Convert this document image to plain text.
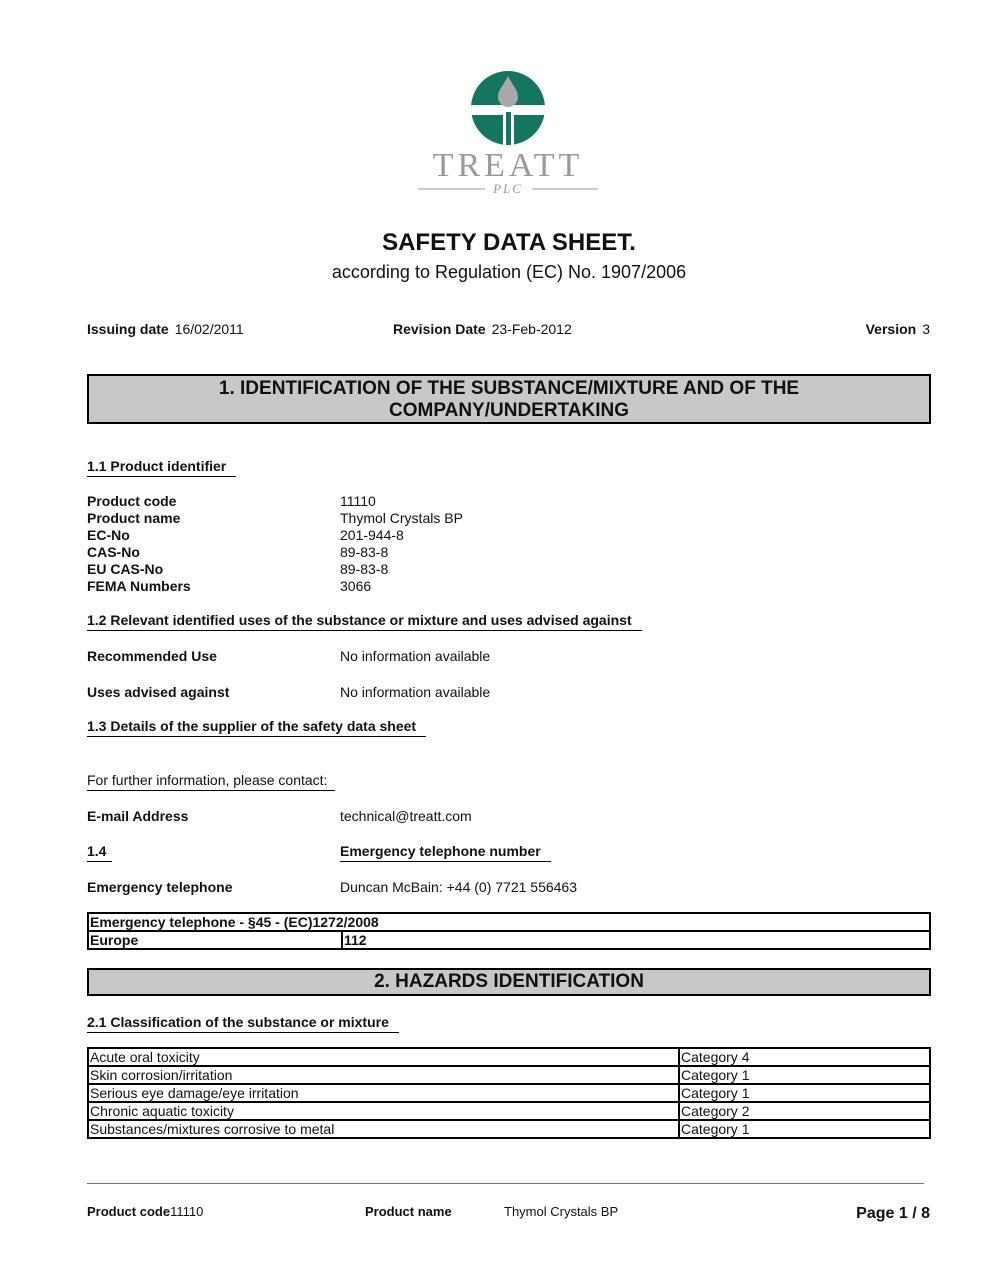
TREATT
PLC
SAFETY DATA SHEET.
according to Regulation (EC) No. 1907/2006
Issuing date 16/02/2011	Revision Date 23-Feb-2012	Version 3
1. IDENTIFICATION OF THE SUBSTANCE/MIXTURE AND OF THE
COMPANY/UNDERTAKING
1.1 Product identifier
Product code	11110
Product name	Thymol Crystals BP
EC-No	201-944-8
CAS-No	89-83-8
EU CAS-No	89-83-8
FEMA Numbers	3066
1.2 Relevant identified uses of the substance or mixture and uses advised against
Recommended Use	No information available
Uses advised against	No information available
1.3 Details of the supplier of the safety data sheet
For further information, please contact:
E-mail Address	technical@treatt.com
1.4	Emergency telephone number
Emergency telephone	Duncan McBain: +44 (0) 7721 556463
Emergency telephone - §45 - (EC)1272/2008
Europe	112
2. HAZARDS IDENTIFICATION
2.1 Classification of the substance or mixture
Acute oral toxicity	Category 4
Skin corrosion/irritation	Category 1
Serious eye damage/eye irritation	Category 1
Chronic aquatic toxicity	Category 2
Substances/mixtures corrosive to metal	Category 1
Product code11110	Product name	Thymol Crystals BP	Page 1 / 8
